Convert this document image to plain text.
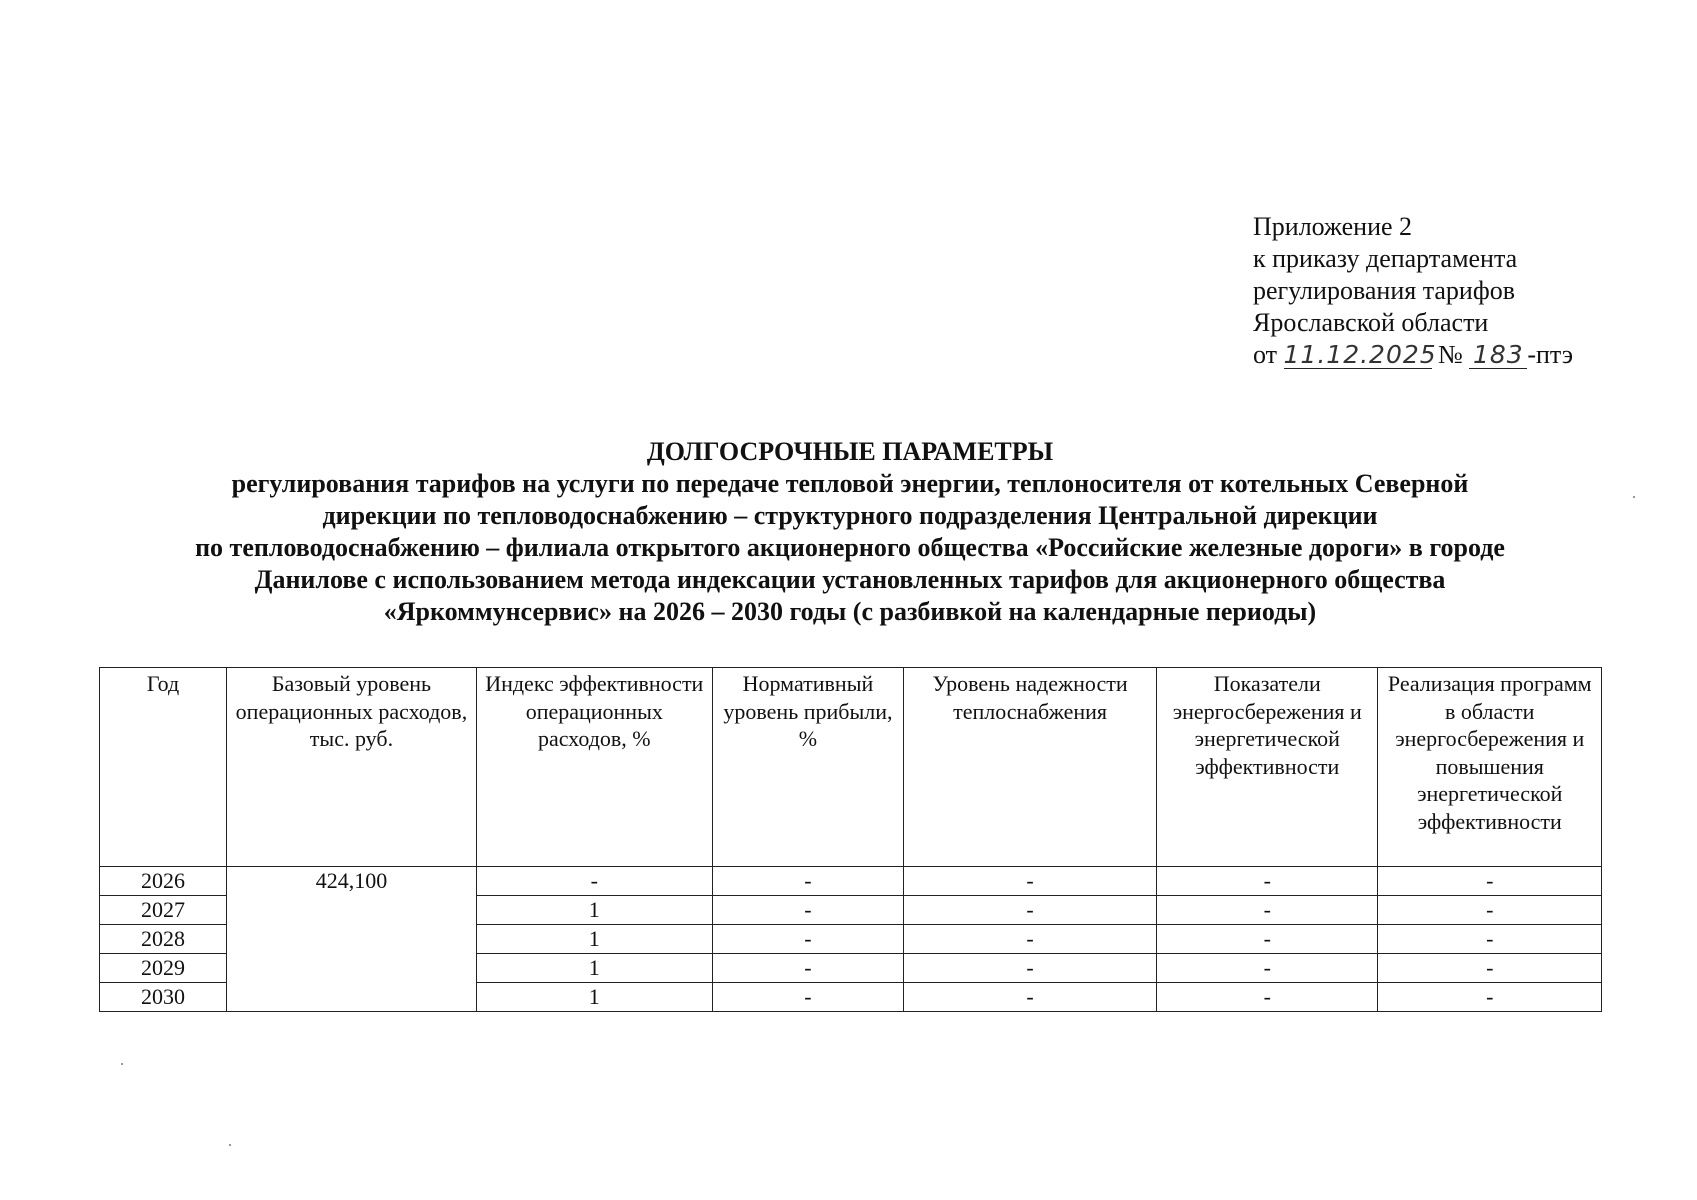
Приложение 2
к приказу департамента
регулирования тарифов
Ярославской области
от 11.12.2025 № 183 -птэ
ДОЛГОСРОЧНЫЕ ПАРАМЕТРЫ
регулирования тарифов на услуги по передаче тепловой энергии, теплоносителя от котельных Северной
дирекции по тепловодоснабжению – структурного подразделения Центральной дирекции
по тепловодоснабжению – филиала открытого акционерного общества «Российские железные дороги» в городе
Данилове с использованием метода индексации установленных тарифов для акционерного общества
«Яркоммунсервис» на 2026 – 2030 годы (с разбивкой на календарные периоды)
Год	Базовый уровень операционных расходов, тыс. руб.	Индекс эффективности операционных расходов, %	Нормативный уровень прибыли, %	Уровень надежности теплоснабжения	Показатели энергосбережения и энергетической эффективности	Реализация программ в области энергосбережения и повышения энергетической эффективности
2026	424,100	-	-	-	-	-
2027		1	-	-	-	-
2028		1	-	-	-	-
2029		1	-	-	-	-
2030		1	-	-	-	-
